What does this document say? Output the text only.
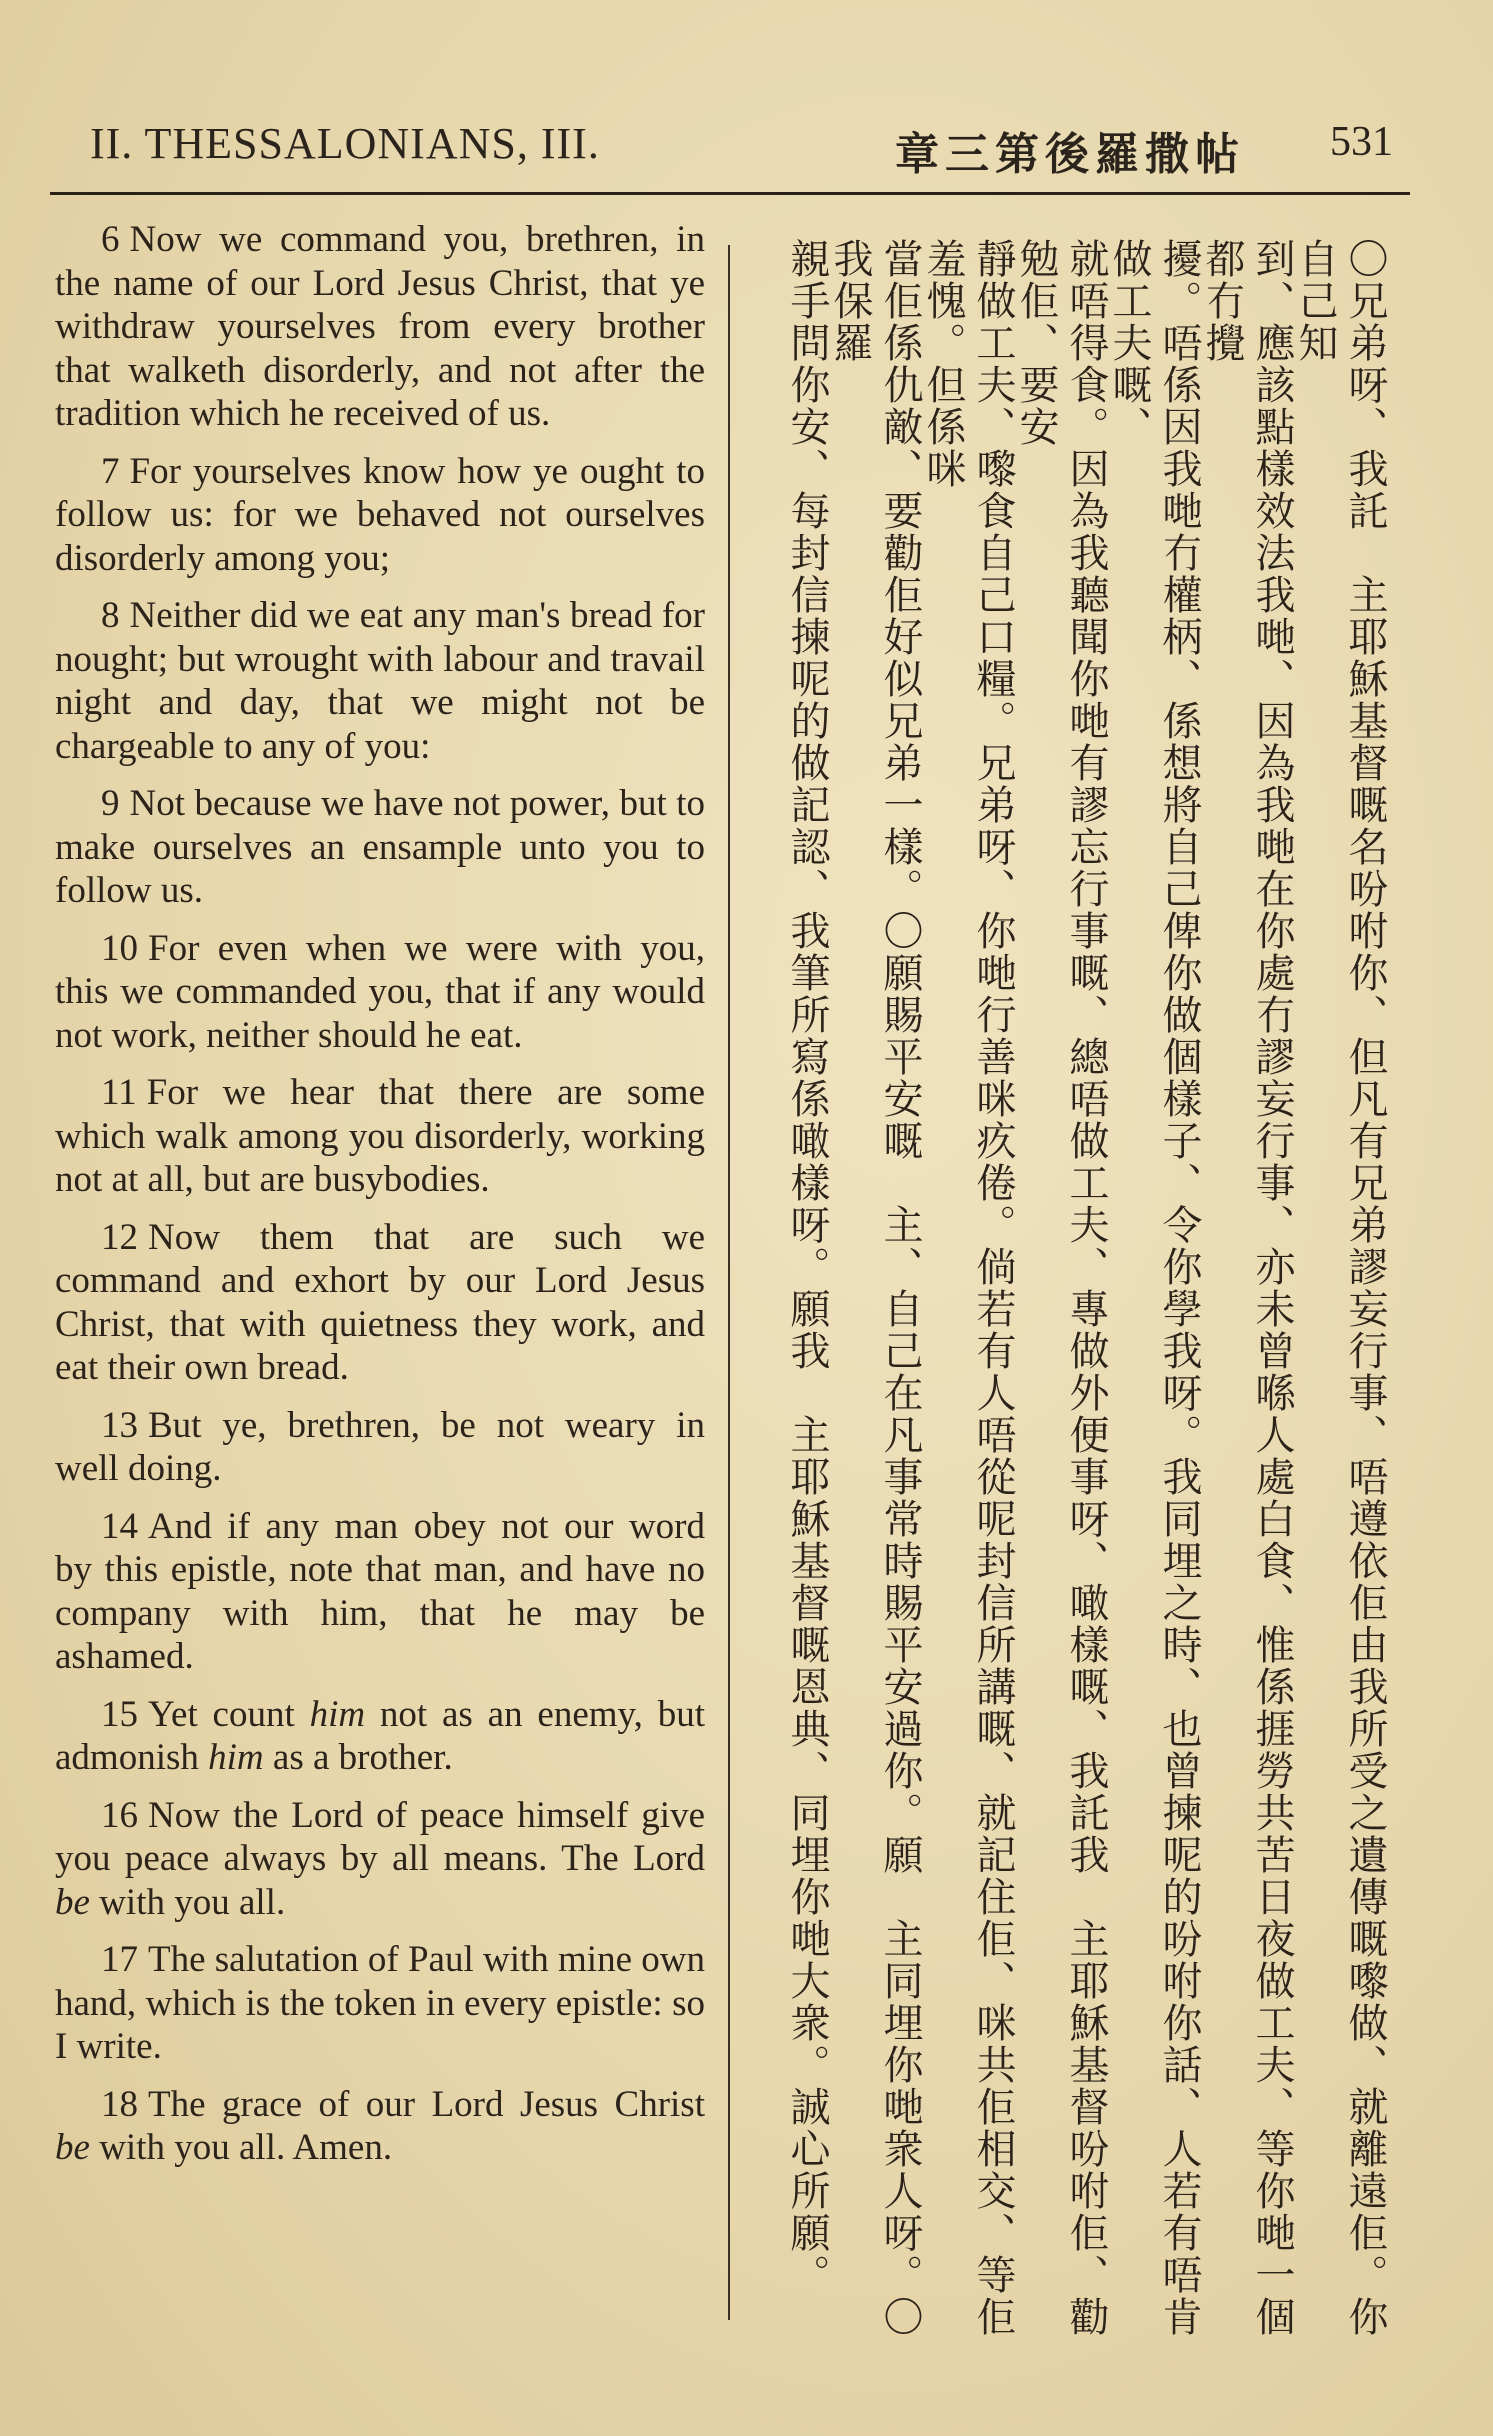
II. THESSALONIANS, III.	章三第後羅撒帖 531

6 Now we command you, brethren, in the name of our Lord Jesus Christ, that ye withdraw yourselves from every brother that walketh disorderly, and not after the tradition which he received of us.

7 For yourselves know how ye ought to follow us: for we behaved not ourselves disorderly among you;

8 Neither did we eat any man's bread for nought; but wrought with labour and travail night and day, that we might not be chargeable to any of you:

9 Not because we have not power, but to make ourselves an ensample unto you to follow us.

10 For even when we were with you, this we commanded you, that if any would not work, neither should he eat.

11 For we hear that there are some which walk among you disorderly, working not at all, but are busybodies.

12 Now them that are such we command and exhort by our Lord Jesus Christ, that with quietness they work, and eat their own bread.

13 But ye, brethren, be not weary in well doing.

14 And if any man obey not our word by this epistle, note that man, and have no company with him, that he may be ashamed.

15 Yet count him not as an enemy, but admonish him as a brother.

16 Now the Lord of peace himself give you peace always by all means. The Lord be with you all.

17 The salutation of Paul with mine own hand, which is the token in every epistle: so I write.

18 The grace of our Lord Jesus Christ be with you all. Amen.	〇兄弟呀、我託　主耶穌基督嘅名吩咐你、但凡有兄弟謬妄行事、唔遵依佢由我所受之遺傳嘅嚟做、就離遠佢。你自己知
到、應該點樣效法我哋、因為我哋在你處冇謬妄行事、亦未曾喺人處白食、惟係捱勞共苦日夜做工夫、等你哋一個都冇攪
擾。唔係因我哋冇權柄、係想將自己俾你做個樣子、令你學我呀。我同埋之時、也曾揀呢的吩咐你話、人若有唔肯做工夫嘅、
就唔得食。因為我聽聞你哋有謬忘行事嘅、總唔做工夫、專做外便事呀、噉樣嘅、我託我　主耶穌基督吩咐佢、勸勉佢、要安
靜做工夫、嚟食自己口糧。兄弟呀、你哋行善咪疚倦。倘若有人唔從呢封信所講嘅、就記住佢、咪共佢相交、等佢羞愧。但係咪
當佢係仇敵、要勸佢好似兄弟一樣。〇願賜平安嘅　主、自己在凡事常時賜平安過你。願　主同埋你哋衆人呀。〇我保羅
親手問你安、每封信揀呢的做記認、我筆所寫係噉樣呀。願我　主耶穌基督嘅恩典、同埋你哋大衆。誠心所願。
